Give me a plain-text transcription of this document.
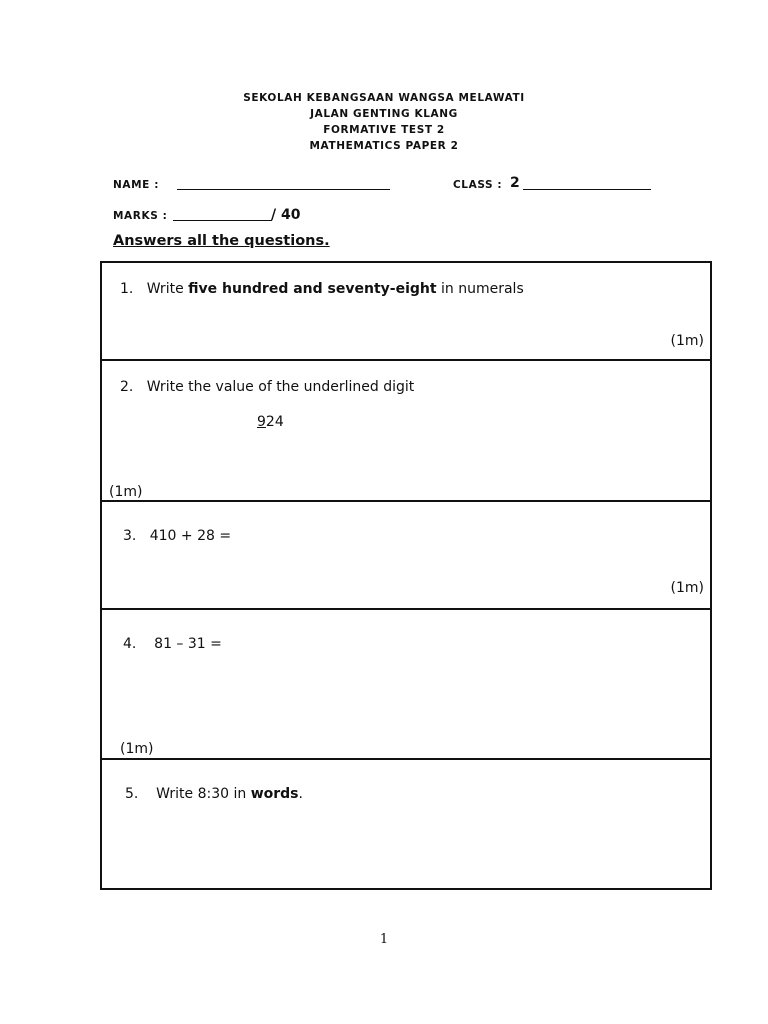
SEKOLAH KEBANGSAAN WANGSA MELAWATI
JALAN GENTING KLANG
FORMATIVE TEST 2
MATHEMATICS PAPER 2
NAME :	CLASS : 2
MARKS :	/ 40
Answers all the questions.
1. Write five hundred and seventy-eight in numerals
(1m)
2. Write the value of the underlined digit
924
(1m)
3. 410 + 28 =
(1m)
4. 81 – 31 =
(1m)
5. Write 8:30 in words.
1
